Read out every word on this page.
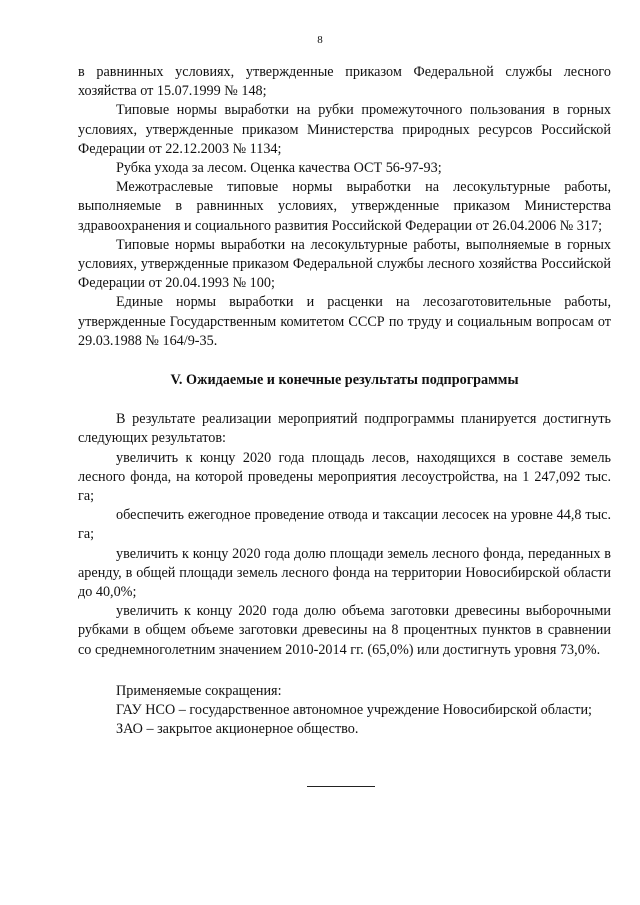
8

в равнинных условиях, утвержденные приказом Федеральной службы лесного хозяйства от 15.07.1999 № 148;

Типовые нормы выработки на рубки промежуточного пользования в горных условиях, утвержденные приказом Министерства природных ресурсов Российской Федерации от 22.12.2003 № 1134;

Рубка ухода за лесом. Оценка качества ОСТ 56-97-93;

Межотраслевые типовые нормы выработки на лесокультурные работы, выполняемые в равнинных условиях, утвержденные приказом Министерства здравоохранения и социального развития Российской Федерации от 26.04.2006 № 317;

Типовые нормы выработки на лесокультурные работы, выполняемые в горных условиях, утвержденные приказом Федеральной службы лесного хозяйства Российской Федерации от 20.04.1993 № 100;

Единые нормы выработки и расценки на лесозаготовительные работы, утвержденные Государственным комитетом СССР по труду и социальным вопросам от 29.03.1988 № 164/9-35.

V. Ожидаемые и конечные результаты подпрограммы

В результате реализации мероприятий подпрограммы планируется достигнуть следующих результатов:

увеличить к концу 2020 года площадь лесов, находящихся в составе земель лесного фонда, на которой проведены мероприятия лесоустройства, на 1 247,092 тыс. га;

обеспечить ежегодное проведение отвода и таксации лесосек на уровне 44,8 тыс. га;

увеличить к концу 2020 года долю площади земель лесного фонда, переданных в аренду, в общей площади земель лесного фонда на территории Новосибирской области до 40,0%;

увеличить к концу 2020 года долю объема заготовки древесины выборочными рубками в общем объеме заготовки древесины на 8 процентных пунктов в сравнении со среднемноголетним значением 2010-2014 гг. (65,0%) или достигнуть уровня 73,0%.

Применяемые сокращения:

ГАУ НСО – государственное автономное учреждение Новосибирской области;

ЗАО – закрытое акционерное общество.
